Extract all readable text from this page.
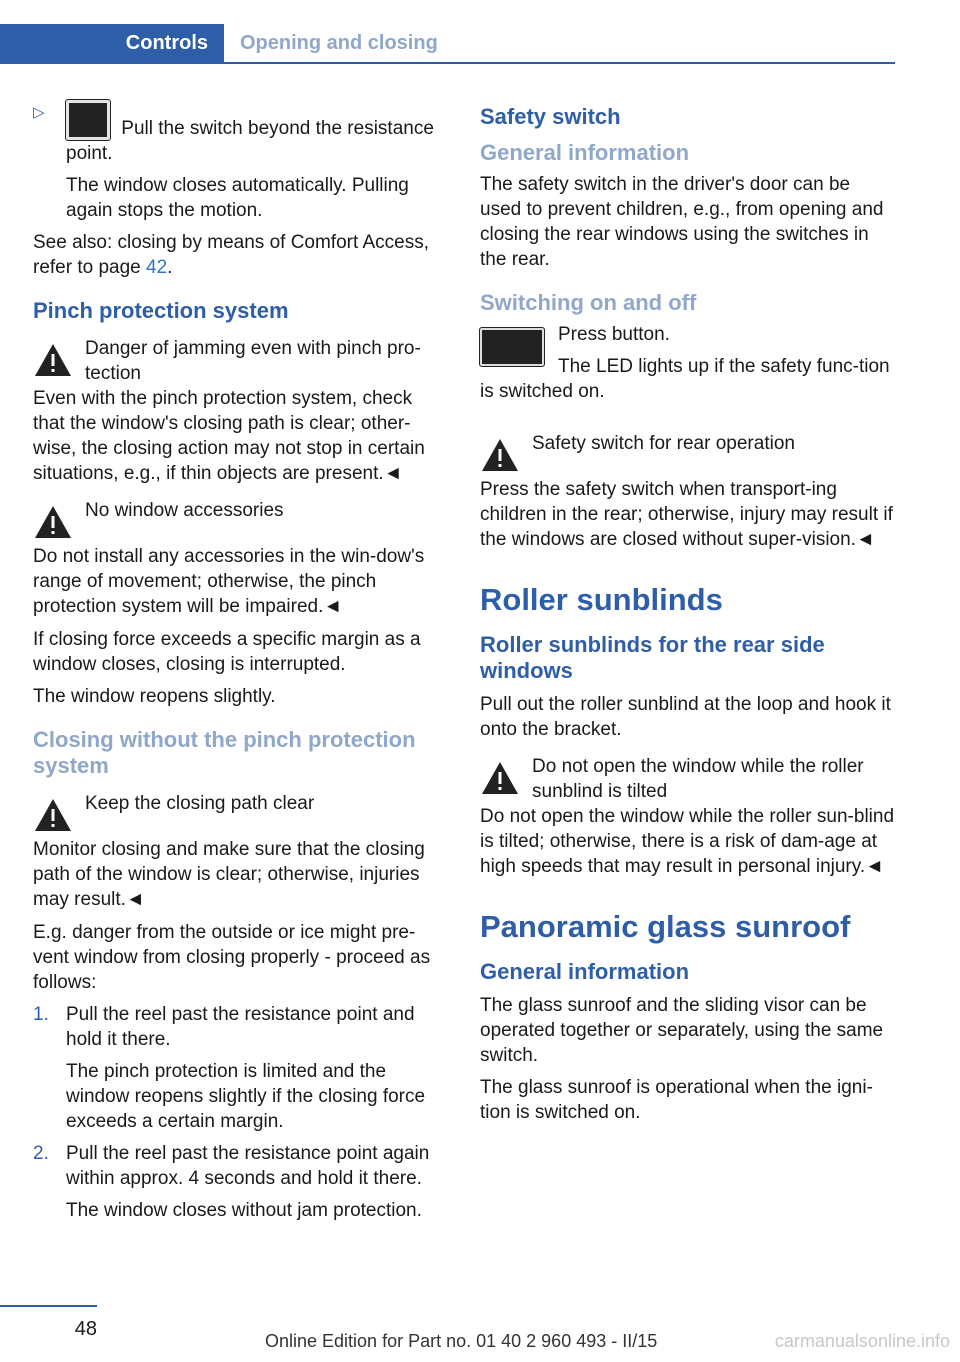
Controls	Opening and closing
▷
Pull the switch beyond the resistance point.

The window closes automatically. Pulling again stops the motion.

See also: closing by means of Comfort Access, refer to page 42.

Pinch protection system
Danger of jamming even with pinch pro-tection

Even with the pinch protection system, check that the window's closing path is clear; other-wise, the closing action may not stop in certain situations, e.g., if thin objects are present.◄

No window accessories

Do not install any accessories in the win-dow's range of movement; otherwise, the pinch protection system will be impaired.◄

If closing force exceeds a specific margin as a window closes, closing is interrupted.

The window reopens slightly.

Closing without the pinch protection system
Keep the closing path clear

Monitor closing and make sure that the closing path of the window is clear; otherwise, injuries may result.◄

E.g. danger from the outside or ice might pre-vent window from closing properly - proceed as follows:

1. Pull the reel past the resistance point and hold it there.

The pinch protection is limited and the window reopens slightly if the closing force exceeds a certain margin.

2. Pull the reel past the resistance point again within approx. 4 seconds and hold it there.

The window closes without jam protection.

Safety switch
General information

The safety switch in the driver's door can be used to prevent children, e.g., from opening and closing the rear windows using the switches in the rear.

Switching on and off

Press button.

The LED lights up if the safety func-tion is switched on.

Safety switch for rear operation

Press the safety switch when transport-ing children in the rear; otherwise, injury may result if the windows are closed without super-vision.◄

Roller sunblinds
Roller sunblinds for the rear side windows

Pull out the roller sunblind at the loop and hook it onto the bracket.

Do not open the window while the roller sunblind is tilted

Do not open the window while the roller sun-blind is tilted; otherwise, there is a risk of dam-age at high speeds that may result in personal injury.◄

Panoramic glass sunroof
General information

The glass sunroof and the sliding visor can be operated together or separately, using the same switch.

The glass sunroof is operational when the igni-tion is switched on.

48
Online Edition for Part no. 01 40 2 960 493 - II/15	carmanualsonline.info
